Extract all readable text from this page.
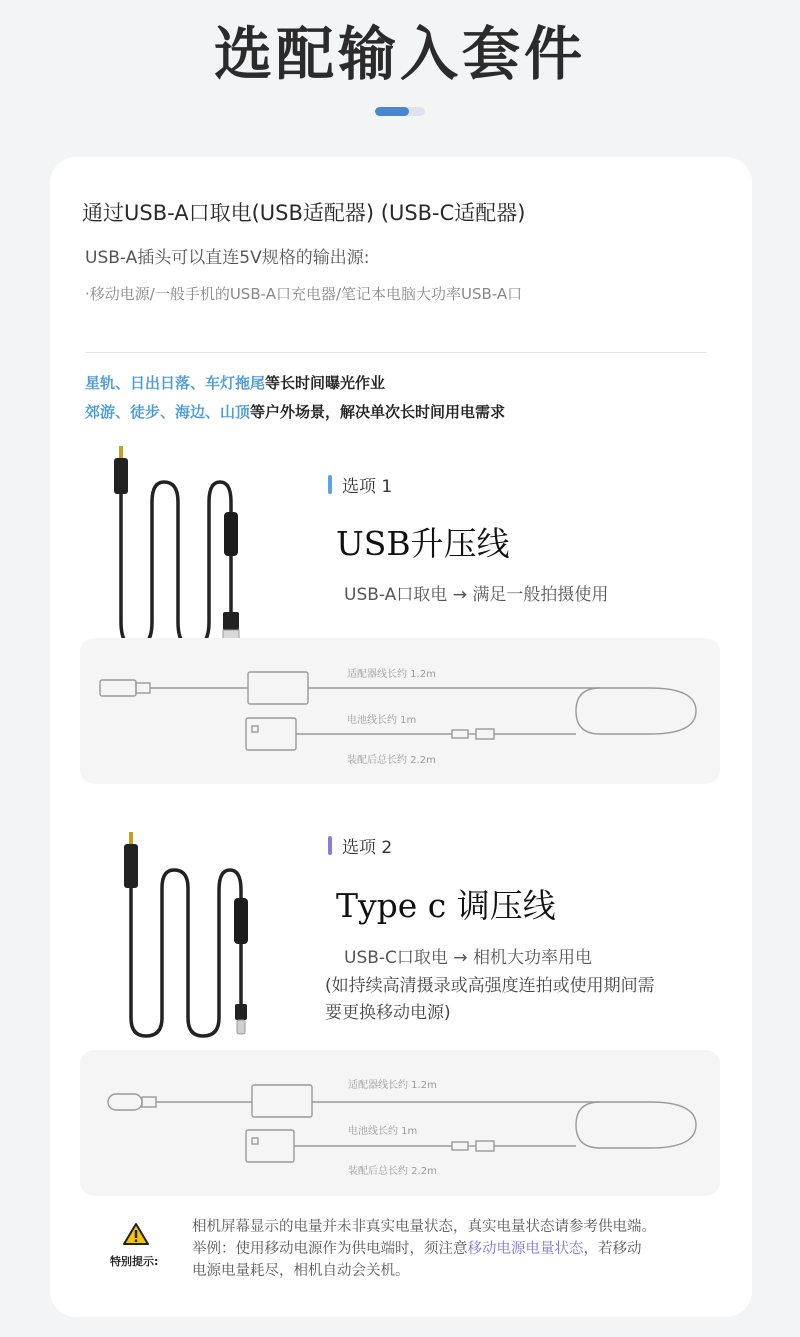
选配输入套件
通过USB-A口取电(USB适配器) (USB-C适配器)
USB-A插头可以直连5V规格的输出源:
·移动电源/一般手机的USB-A口充电器/笔记本电脑大功率USB-A口
星轨、日出日落、车灯拖尾等长时间曝光作业
郊游、徒步、海边、山顶等户外场景，解决单次长时间用电需求
选项 1
USB升压线
USB-A口取电 → 满足一般拍摄使用
适配器线长约 1.2m
电池线长约 1m
装配后总长约 2.2m
选项 2
Type c 调压线
USB-C口取电 → 相机大功率用电
(如持续高清摄录或高强度连拍或使用期间需
要更换移动电源)
适配器线长约 1.2m
电池线长约 1m
装配后总长约 2.2m
特别提示:
相机屏幕显示的电量并未非真实电量状态，真实电量状态请参考供电端。
举例：使用移动电源作为供电端时，须注意移动电源电量状态，若移动
电源电量耗尽，相机自动会关机。
